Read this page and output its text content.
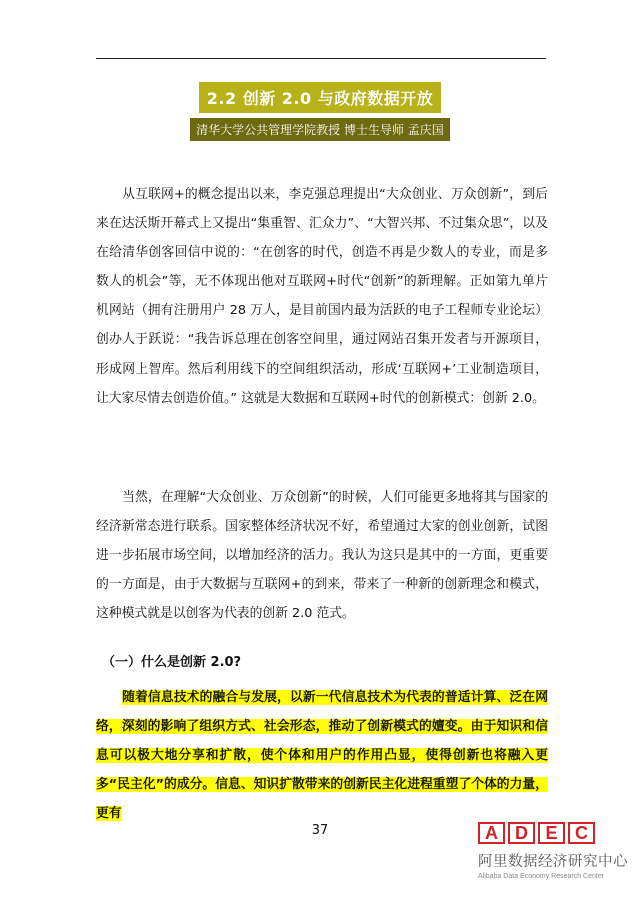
2.2 创新 2.0 与政府数据开放
清华大学公共管理学院教授 博士生导师 孟庆国

从互联网+的概念提出以来，李克强总理提出“大众创业、万众创新”，到后来在达沃斯开幕式上又提出“集重智、汇众力”、“大智兴邦、不过集众思”，以及在给清华创客回信中说的：“在创客的时代，创造不再是少数人的专业，而是多数人的机会”等，无不体现出他对互联网+时代“创新”的新理解。正如第九单片机网站（拥有注册用户 28 万人，是目前国内最为活跃的电子工程师专业论坛）创办人于跃说：“我告诉总理在创客空间里，通过网站召集开发者与开源项目，形成网上智库。然后利用线下的空间组织活动，形成‘互联网+’工业制造项目，让大家尽情去创造价值。” 这就是大数据和互联网+时代的创新模式：创新 2.0。

当然，在理解“大众创业、万众创新”的时候，人们可能更多地将其与国家的经济新常态进行联系。国家整体经济状况不好，希望通过大家的创业创新，试图进一步拓展市场空间，以增加经济的活力。我认为这只是其中的一方面，更重要的一方面是，由于大数据与互联网+的到来，带来了一种新的创新理念和模式，这种模式就是以创客为代表的创新 2.0 范式。

（一）什么是创新 2.0?

随着信息技术的融合与发展，以新一代信息技术为代表的普适计算、泛在网络，深刻的影响了组织方式、社会形态，推动了创新模式的嬗变。由于知识和信息可以极大地分享和扩散，使个体和用户的作用凸显，使得创新也将融入更多“民主化”的成分。信息、知识扩散带来的创新民主化进程重塑了个体的力量，更有

37	A D E C
阿里数据经济研究中心
Alibaba Data Economy Research Center
